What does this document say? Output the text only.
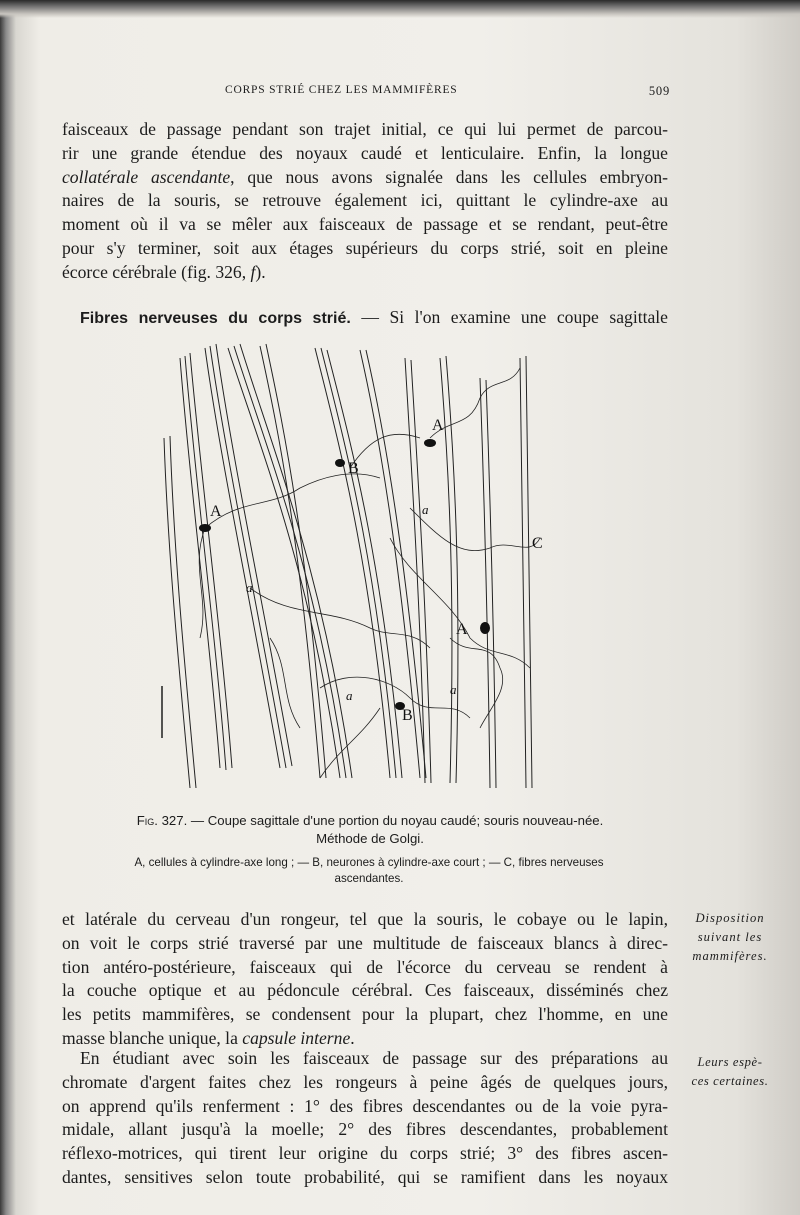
CORPS STRIÉ CHEZ LES MAMMIFÈRES	509
faisceaux de passage pendant son trajet initial, ce qui lui permet de parcou-
rir une grande étendue des noyaux caudé et lenticulaire. Enfin, la longue
collatérale ascendante, que nous avons signalée dans les cellules embryon-
naires de la souris, se retrouve également ici, quittant le cylindre-axe au
moment où il va se mêler aux faisceaux de passage et se rendant, peut-être
pour s'y terminer, soit aux étages supérieurs du corps strié, soit en pleine
écorce cérébrale (fig. 326, f).
Fibres nerveuses du corps strié. — Si l'on examine une coupe sagittale
A
B
A
C
a
a
A
a
B
a
Fig. 327. — Coupe sagittale d'une portion du noyau caudé; souris nouveau-née.
Méthode de Golgi.
A, cellules à cylindre-axe long ; — B, neurones à cylindre-axe court ; — C, fibres nerveuses
ascendantes.
et latérale du cerveau d'un rongeur, tel que la souris, le cobaye ou le lapin,
on voit le corps strié traversé par une multitude de faisceaux blancs à direc-
tion antéro-postérieure, faisceaux qui de l'écorce du cerveau se rendent à
la couche optique et au pédoncule cérébral. Ces faisceaux, disséminés chez
les petits mammifères, se condensent pour la plupart, chez l'homme, en une
masse blanche unique, la capsule interne.
En étudiant avec soin les faisceaux de passage sur des préparations au
chromate d'argent faites chez les rongeurs à peine âgés de quelques jours,
on apprend qu'ils renferment : 1° des fibres descendantes ou de la voie pyra-
midale, allant jusqu'à la moelle; 2° des fibres descendantes, probablement
réflexo-motrices, qui tirent leur origine du corps strié; 3° des fibres ascen-
dantes, sensitives selon toute probabilité, qui se ramifient dans les noyaux
Disposition
suivant les
mammifères.
Leurs espè-
ces certaines.
